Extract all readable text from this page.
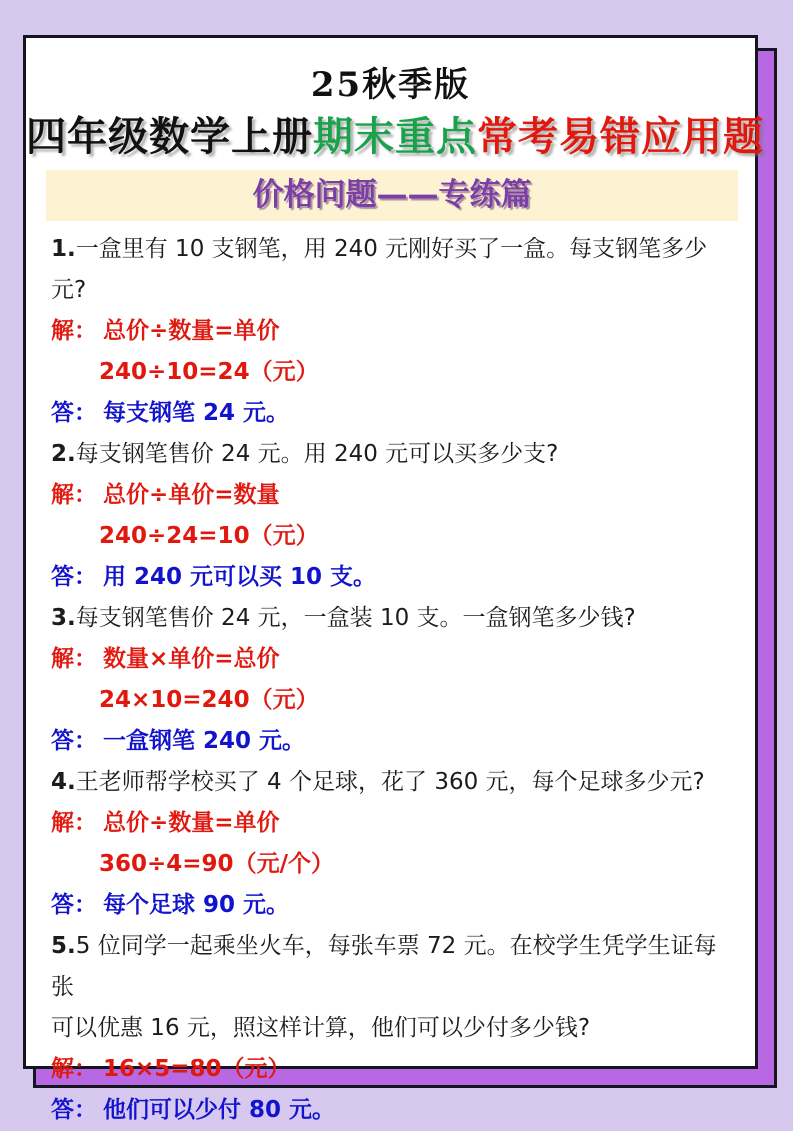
25秋季版
四年级数学上册期末重点常考易错应用题
价格问题——专练篇
1.一盒里有 10 支钢笔，用 240 元刚好买了一盒。每支钢笔多少元?
解： 总价÷数量=单价
240÷10=24（元）
答： 每支钢笔 24 元。
2.每支钢笔售价 24 元。用 240 元可以买多少支?
解： 总价÷单价=数量
240÷24=10（元）
答： 用 240 元可以买 10 支。
3.每支钢笔售价 24 元，一盒装 10 支。一盒钢笔多少钱?
解： 数量×单价=总价
24×10=240（元）
答： 一盒钢笔 240 元。
4.王老师帮学校买了 4 个足球，花了 360 元，每个足球多少元?
解： 总价÷数量=单价
360÷4=90（元/个）
答： 每个足球 90 元。
5.5 位同学一起乘坐火车，每张车票 72 元。在校学生凭学生证每张
可以优惠 16 元，照这样计算，他们可以少付多少钱?
解： 16×5=80（元）
答： 他们可以少付 80 元。
